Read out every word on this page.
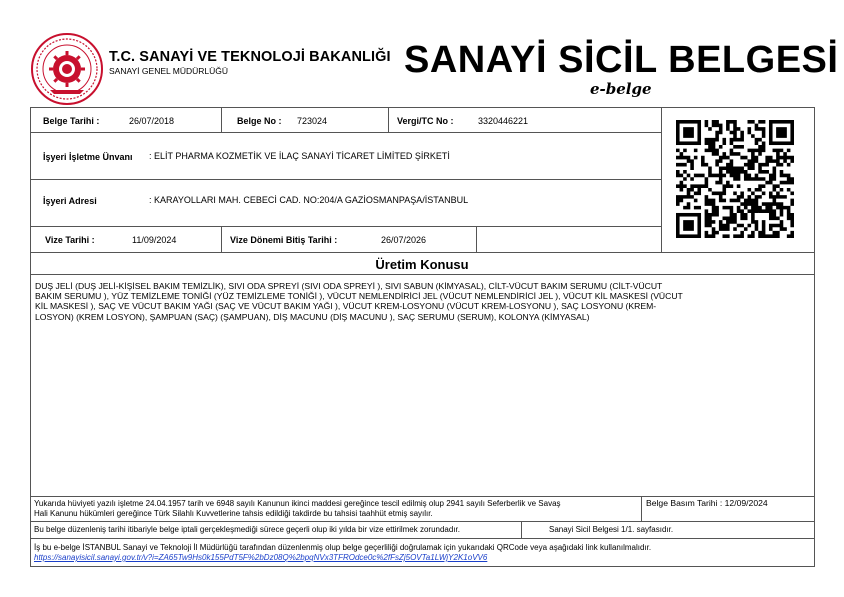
T.C. SANAYİ VE TEKNOLOJİ BAKANLIĞI
SANAYİ GENEL MÜDÜRLÜĞÜ	SANAYİ SİCİL BELGESİ
e-belge
Belge Tarihi :	26/07/2018	Belge No : 723024	Vergi/TC No :	3320446221
İşyeri İşletme Ünvanı : ELİT PHARMA KOZMETİK VE İLAÇ SANAYİ TİCARET LİMİTED ŞİRKETİ
İşyeri Adresi	: KARAYOLLARI MAH. CEBECİ CAD. NO:204/A GAZİOSMANPAŞA/İSTANBUL
Vize Tarihi :	11/09/2024	Vize Dönemi Bitiş Tarihi :	26/07/2026
Üretim Konusu
DUŞ JELİ (DUŞ JELİ-KİŞİSEL BAKIM TEMİZLİK), SIVI ODA SPREYİ (SIVI ODA SPREYİ ), SIVI SABUN (KİMYASAL), CİLT-VÜCUT BAKIM SERUMU (CİLT-VÜCUT
BAKIM SERUMU ), YÜZ TEMİZLEME TONİĞİ (YÜZ TEMİZLEME TONİĞİ ), VÜCUT NEMLENDİRİCİ JEL (VÜCUT NEMLENDİRİCİ JEL ), VÜCUT KİL MASKESİ (VÜCUT
KİL MASKESİ ), SAÇ VE VÜCUT BAKIM YAĞI (SAÇ VE VÜCUT BAKIM YAĞI ), VÜCUT KREM-LOSYONU (VÜCUT KREM-LOSYONU ), SAÇ LOSYONU (KREM-
LOSYON) (KREM LOSYON), ŞAMPUAN (SAÇ) (ŞAMPUAN), DİŞ MACUNU (DİŞ MACUNU ), SAÇ SERUMU (SERUM), KOLONYA (KİMYASAL)
Yukarıda hüviyeti yazılı işletme 24.04.1957 tarih ve 6948 sayılı Kanunun ikinci maddesi gereğince tescil edilmiş olup 2941 sayılı Seferberlik ve Savaş
Hali Kanunu hükümleri gereğince Türk Silahlı Kuvvetlerine tahsis edildiği takdirde bu tahsisi taahhüt etmiş sayılır.
Belge Basım Tarihi : 12/09/2024
Bu belge düzenleniş tarihi itibariyle belge iptali gerçekleşmediği sürece geçerli olup iki yılda bir vize ettirilmek zorundadır.	Sanayi Sicil Belgesi 1/1. sayfasıdır.
İş bu e-belge İSTANBUL Sanayi ve Teknoloji İl Müdürlüğü tarafından düzenlenmiş olup belge geçerliliği doğrulamak için yukarıdaki QRCode veya aşağıdaki link kullanılmalıdır.
https://sanayisicil.sanayi.gov.tr/v?i=ZA65Tw9Hs0k155PdT5F%2bDz08Q%2bpqNVx3TFROdce0c%2fFsZj5OVTa1LWjY2K1oVV6
